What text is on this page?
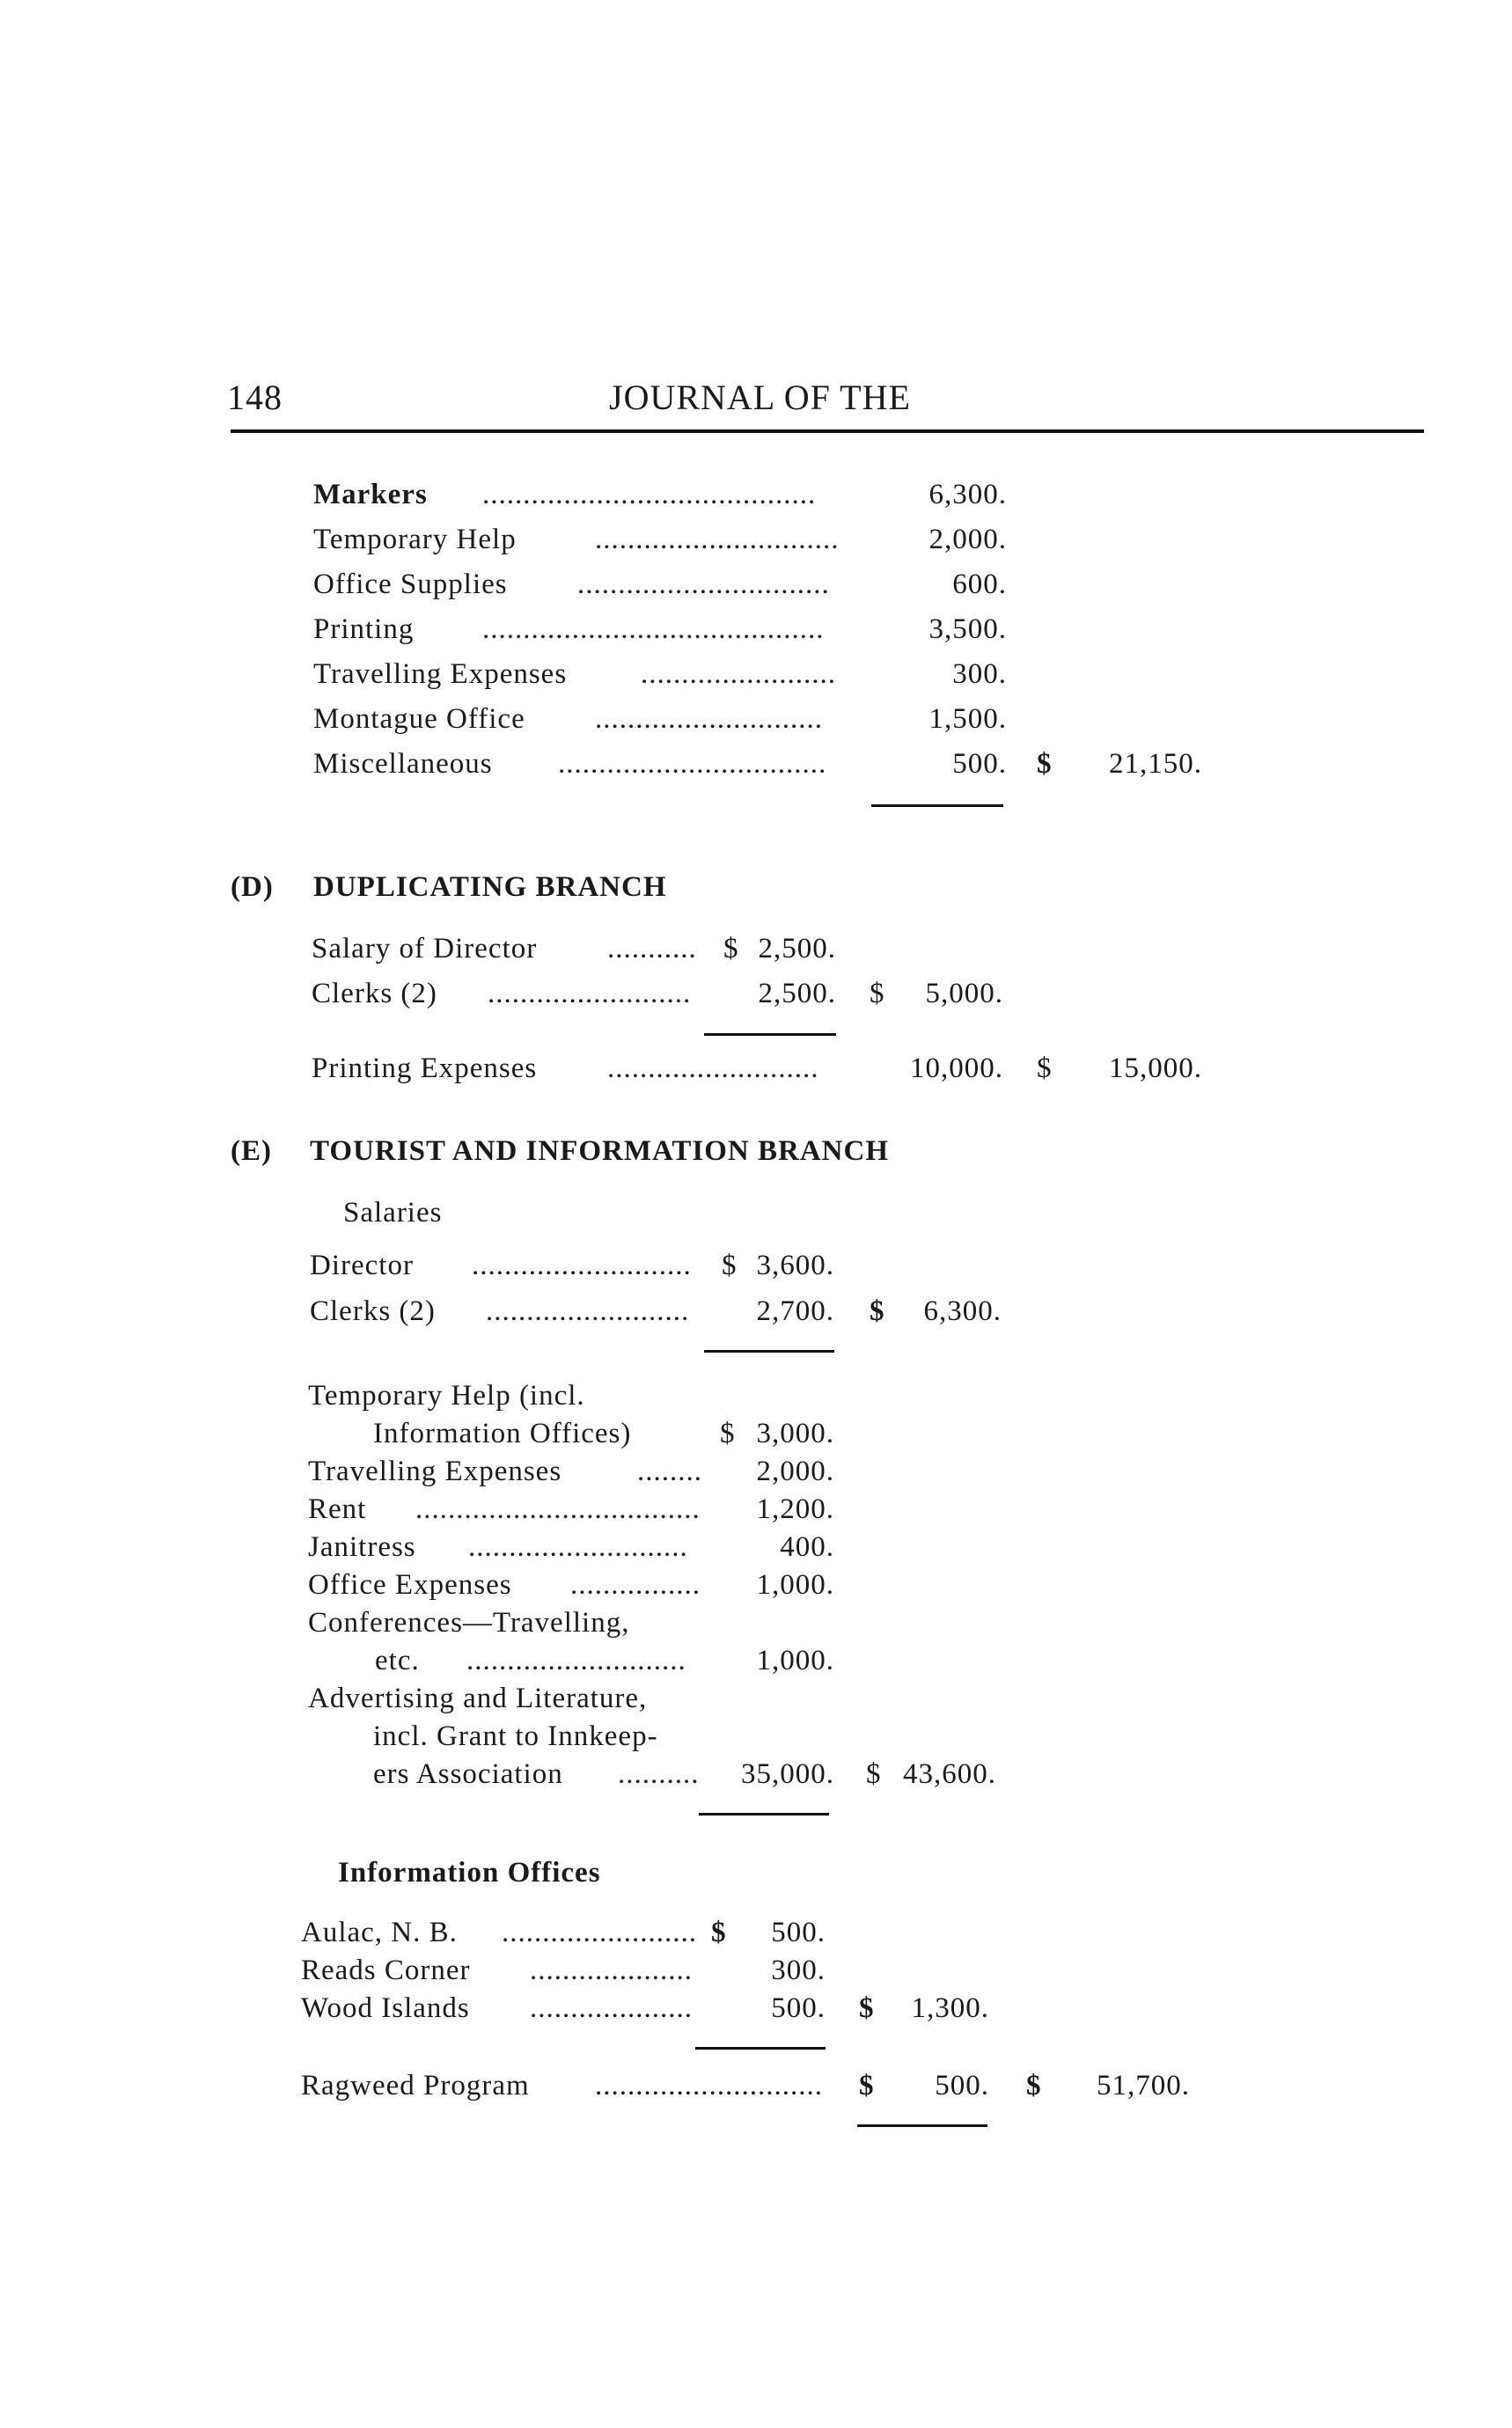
148	JOURNAL OF THE
Markers .........................................	6,300.
Temporary Help	..............................	2,000.
Office Supplies ...............................	600.
Printing ..........................................	3,500.
Travelling Expenses	........................	300.
Montague Office ............................	1,500.
Miscellaneous .................................	500. $ 21,150.
(D) DUPLICATING BRANCH
Salary of Director ........... $ 2,500.
Clerks (2) ......................... 2,500. $ 5,000.
Printing Expenses ..........................	10,000. $ 15,000.
(E) TOURIST AND INFORMATION BRANCH
Salaries
Director ........................... $ 3,600.
Clerks (2) ......................... 2,700. $ 6,300.
Temporary Help (incl.
Information Offices)	$ 3,000.
Travelling Expenses	........ 2,000.
Rent ................................... 1,200.
Janitress ...........................	400.
Office Expenses ................ 1,000.
Conferences—Travelling,
etc. ........................... 1,000.
Advertising and Literature,
incl. Grant to Innkeep-
ers Association .......... 35,000. $ 43,600.
Information Offices
Aulac, N. B. ........................ $ 500.
Reads Corner ....................	300.
Wood Islands ....................	500. $ 1,300.
Ragweed Program ............................ $ 500. $ 51,700.
